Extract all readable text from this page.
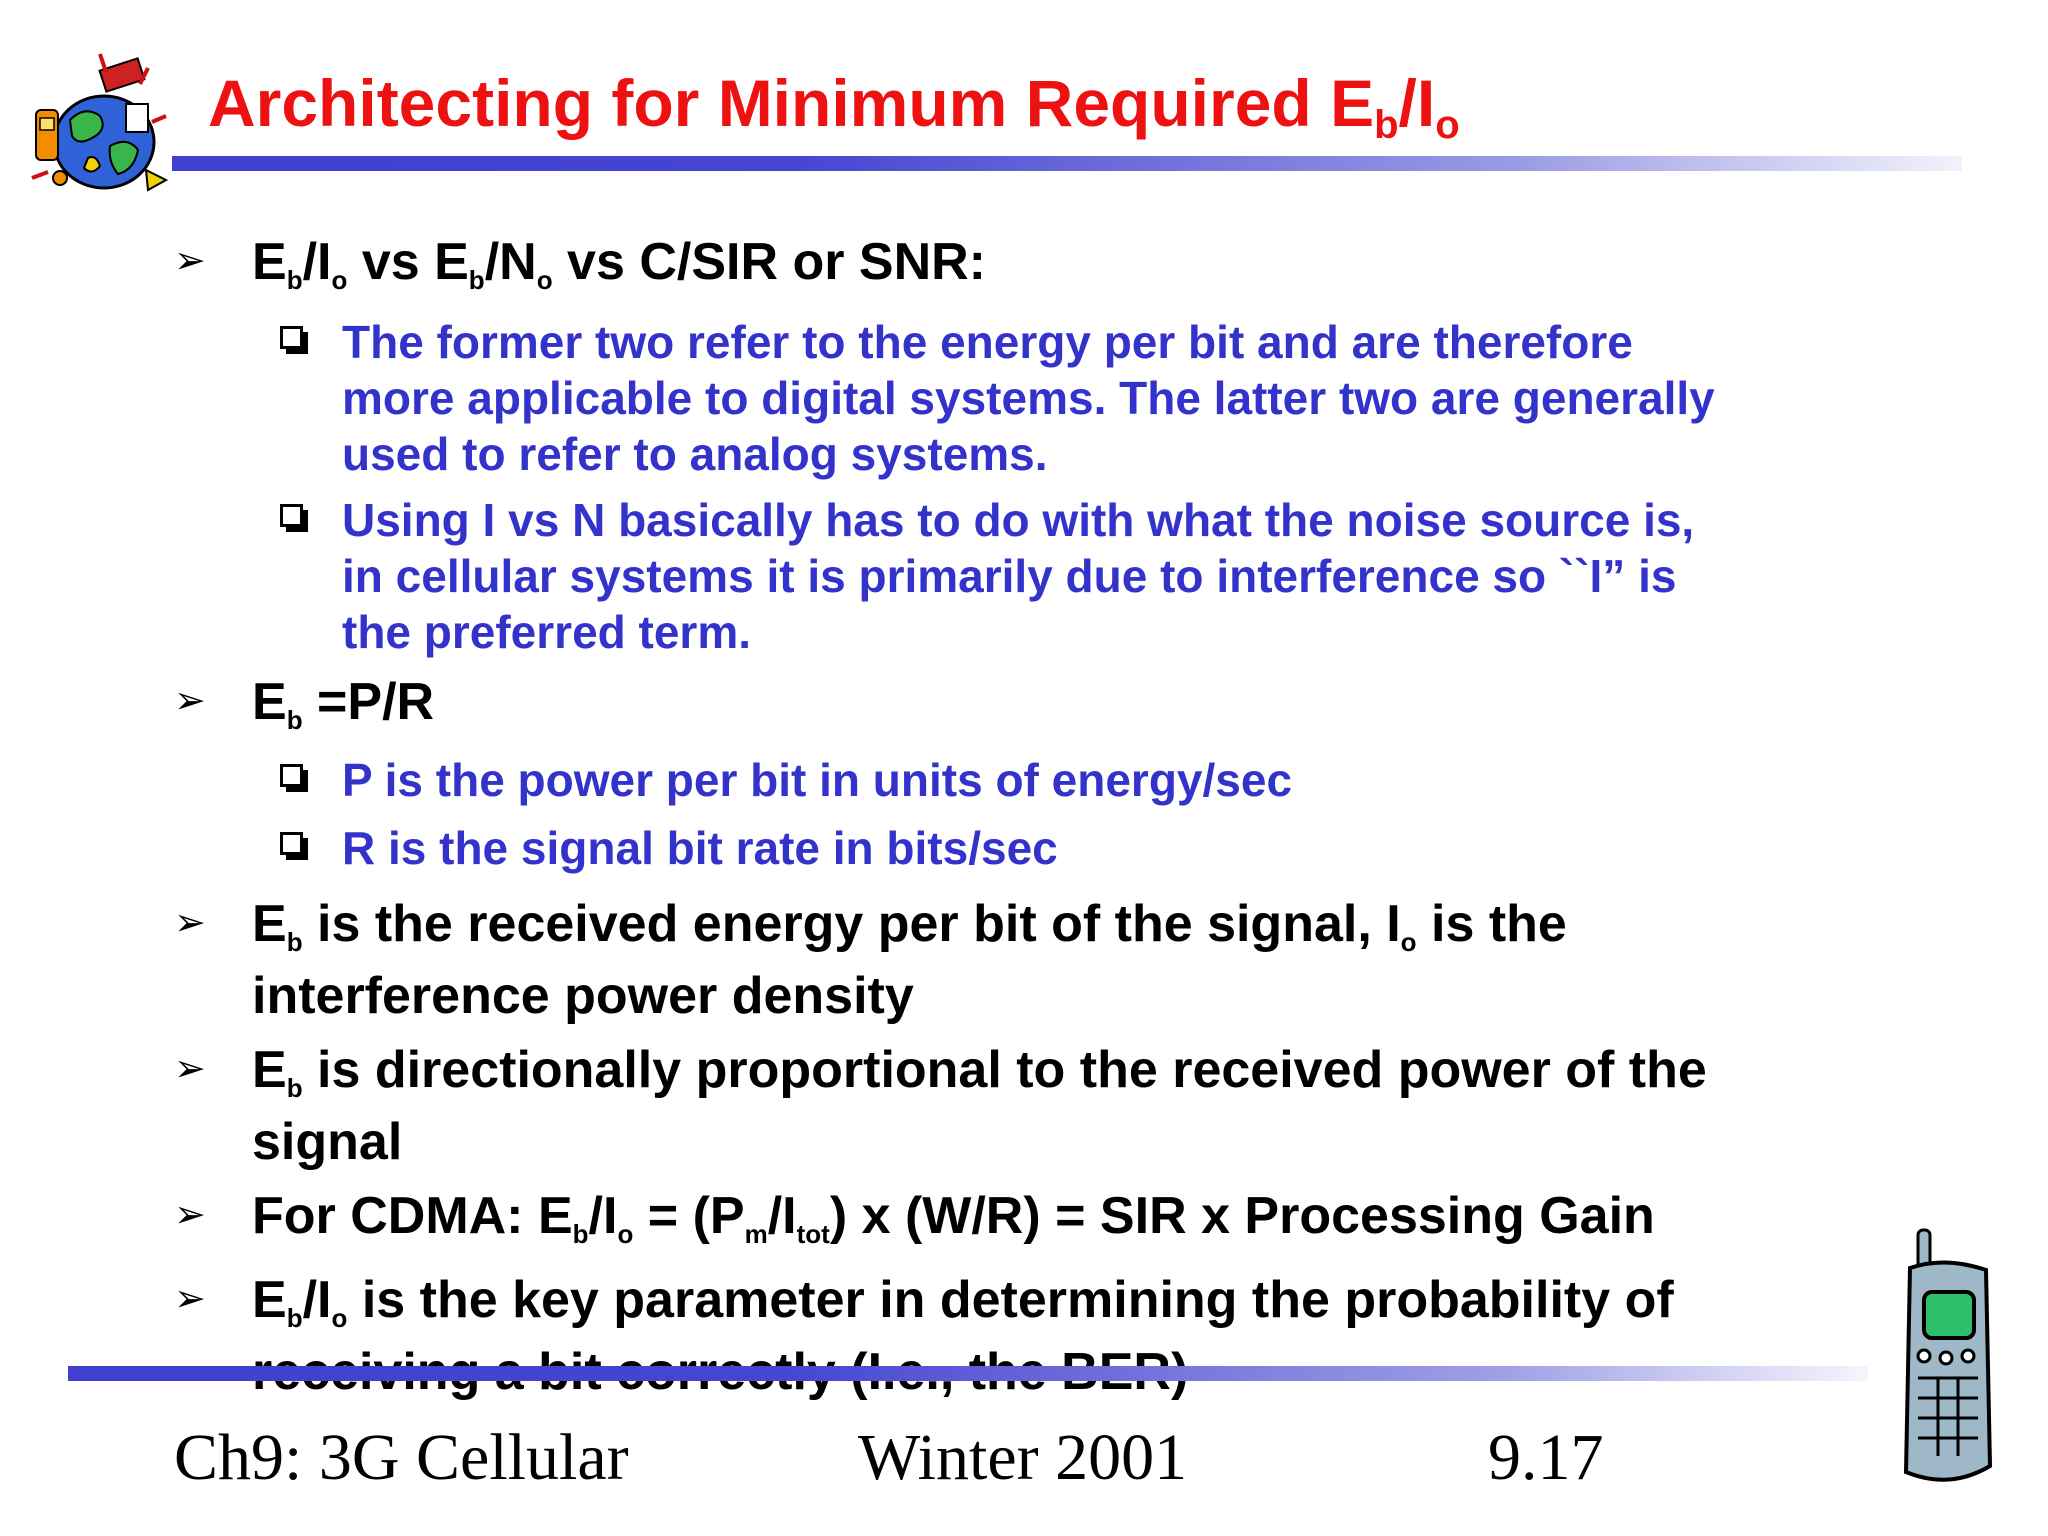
Architecting for Minimum Required $E_b/I_o$
➢ Eb/Io vs Eb/No vs C/SIR or SNR:

The former two refer to the energy per bit and are therefore

more applicable to digital systems. The latter two are generally

used to refer to analog systems.

Using I vs N basically has to do with what the noise source is,

in cellular systems it is primarily due to interference so ``I” is

the preferred term.

➢ Eb =P/R

P is the power per bit in units of energy/sec

R is the signal bit rate in bits/sec

➢ Eb is the received energy per bit of the signal, Io is the

interference power density

➢ Eb is directionally proportional to the received power of the

signal

➢ For CDMA: Eb/Io = (Pm/Itot) x (W/R) = SIR x Processing Gain

➢ Eb/Io is the key parameter in determining the probability of

Ch9: 3G Cellular	Winter 2001	9.17
